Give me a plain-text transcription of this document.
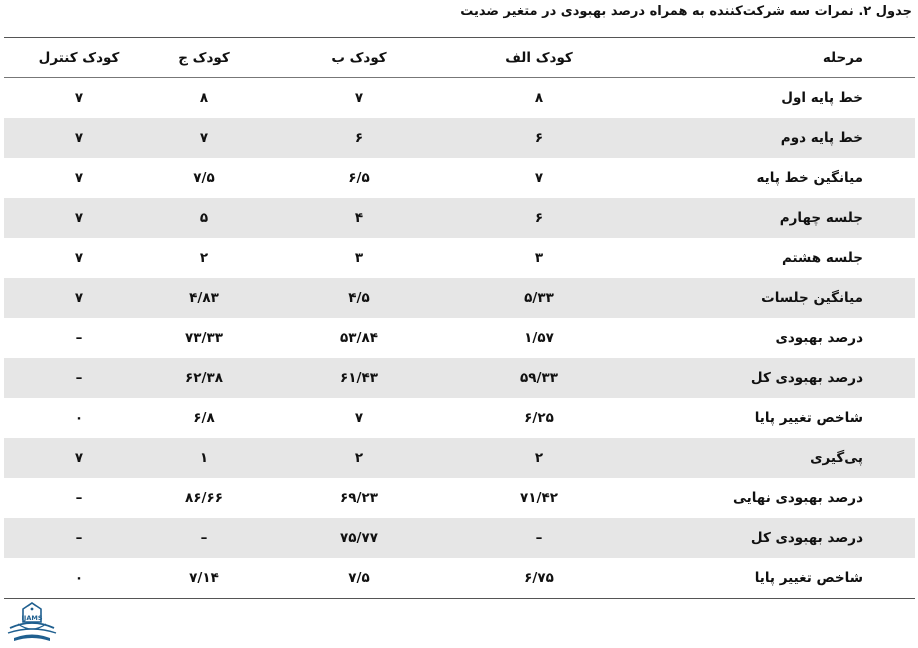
جدول ۲. نمرات سه شرکت‌کننده به همراه درصد بهبودی در متغیر ضدیت
مرحله	کودک الف	کودک ب	کودک ج	کودک کنترل
خط پایه اول	۸	۷	۸	۷
خط پایه دوم	۶	۶	۷	۷
میانگین خط پایه	۷	۶/۵	۷/۵	۷
جلسه چهارم	۶	۴	۵	۷
جلسه هشتم	۳	۳	۲	۷
میانگین جلسات	۵/۳۳	۴/۵	۴/۸۳	۷
درصد بهبودی	۱/۵۷	۵۳/۸۴	۷۳/۳۳	–
درصد بهبودی کل	۵۹/۳۳	۶۱/۴۳	۶۲/۳۸	–
شاخص تغییر پایا	۶/۲۵	۷	۶/۸	۰
پی‌گیری	۲	۲	۱	۷
درصد بهبودی نهایی	۷۱/۴۲	۶۹/۲۳	۸۶/۶۶	–
درصد بهبودی کل	–	۷۵/۷۷	–	–
شاخص تغییر پایا	۶/۷۵	۷/۵	۷/۱۴	۰
IJAMS
